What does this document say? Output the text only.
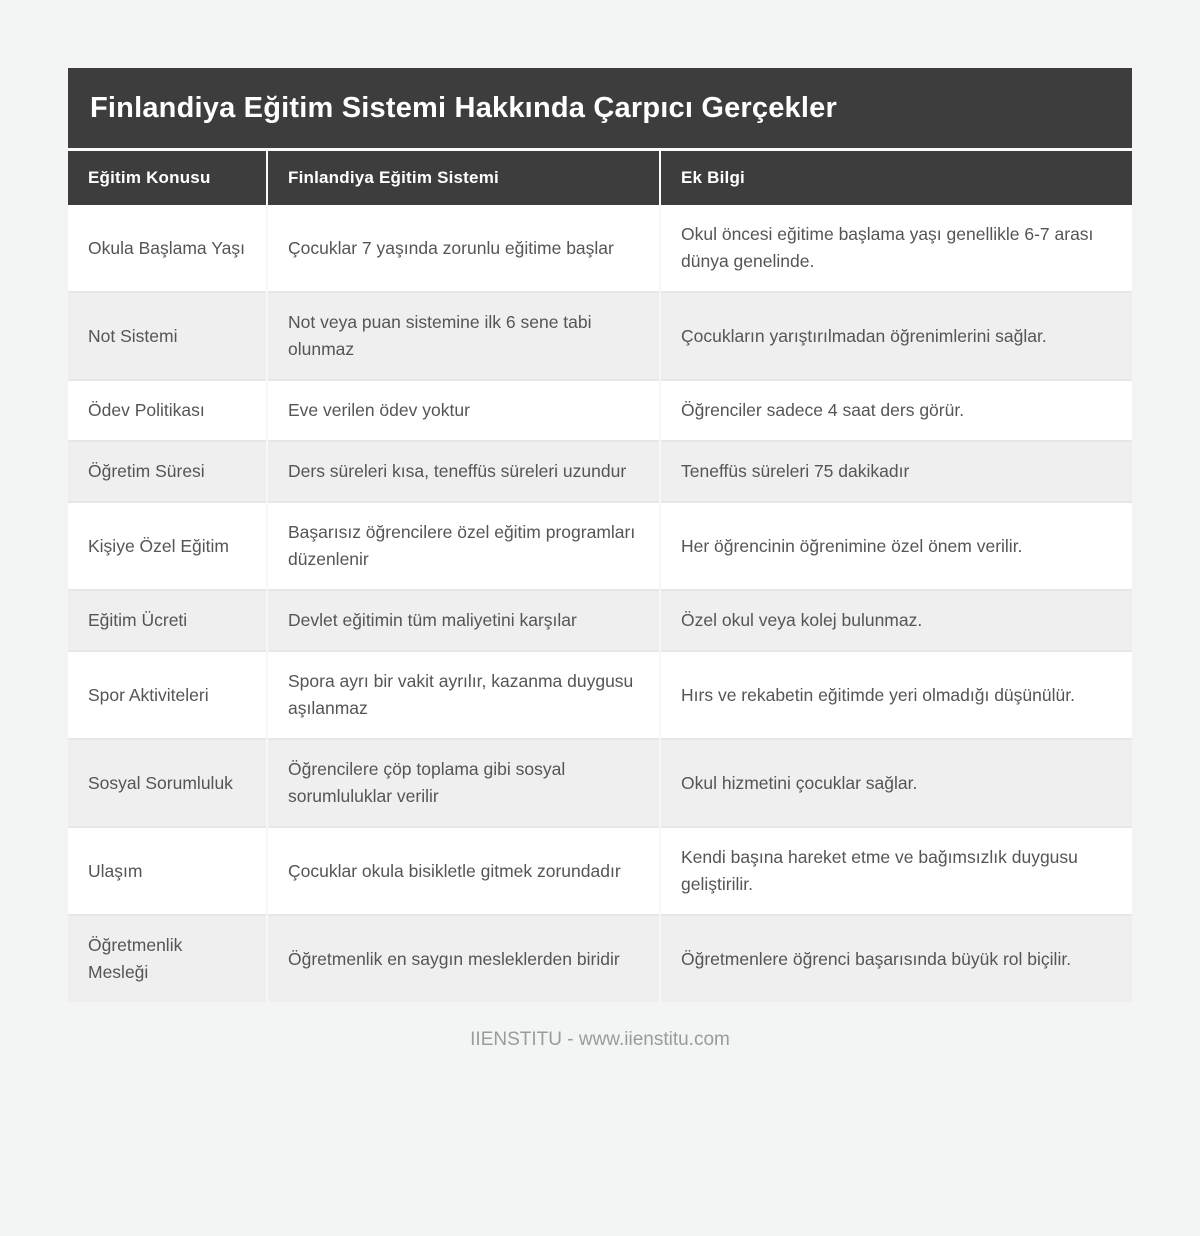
Finlandiya Eğitim Sistemi Hakkında Çarpıcı Gerçekler
Eğitim Konusu	Finlandiya Eğitim Sistemi	Ek Bilgi
Okula Başlama Yaşı	Çocuklar 7 yaşında zorunlu eğitime başlar	Okul öncesi eğitime başlama yaşı genellikle 6-7 arası dünya genelinde.
Not Sistemi	Not veya puan sistemine ilk 6 sene tabi olunmaz	Çocukların yarıştırılmadan öğrenimlerini sağlar.
Ödev Politikası	Eve verilen ödev yoktur	Öğrenciler sadece 4 saat ders görür.
Öğretim Süresi	Ders süreleri kısa, teneffüs süreleri uzundur	Teneffüs süreleri 75 dakikadır
Kişiye Özel Eğitim	Başarısız öğrencilere özel eğitim programları düzenlenir	Her öğrencinin öğrenimine özel önem verilir.
Eğitim Ücreti	Devlet eğitimin tüm maliyetini karşılar	Özel okul veya kolej bulunmaz.
Spor Aktiviteleri	Spora ayrı bir vakit ayrılır, kazanma duygusu aşılanmaz	Hırs ve rekabetin eğitimde yeri olmadığı düşünülür.
Sosyal Sorumluluk	Öğrencilere çöp toplama gibi sosyal sorumluluklar verilir	Okul hizmetini çocuklar sağlar.
Ulaşım	Çocuklar okula bisikletle gitmek zorundadır	Kendi başına hareket etme ve bağımsızlık duygusu geliştirilir.
Öğretmenlik Mesleği	Öğretmenlik en saygın mesleklerden biridir	Öğretmenlere öğrenci başarısında büyük rol biçilir.
IIENSTITU - www.iienstitu.com
